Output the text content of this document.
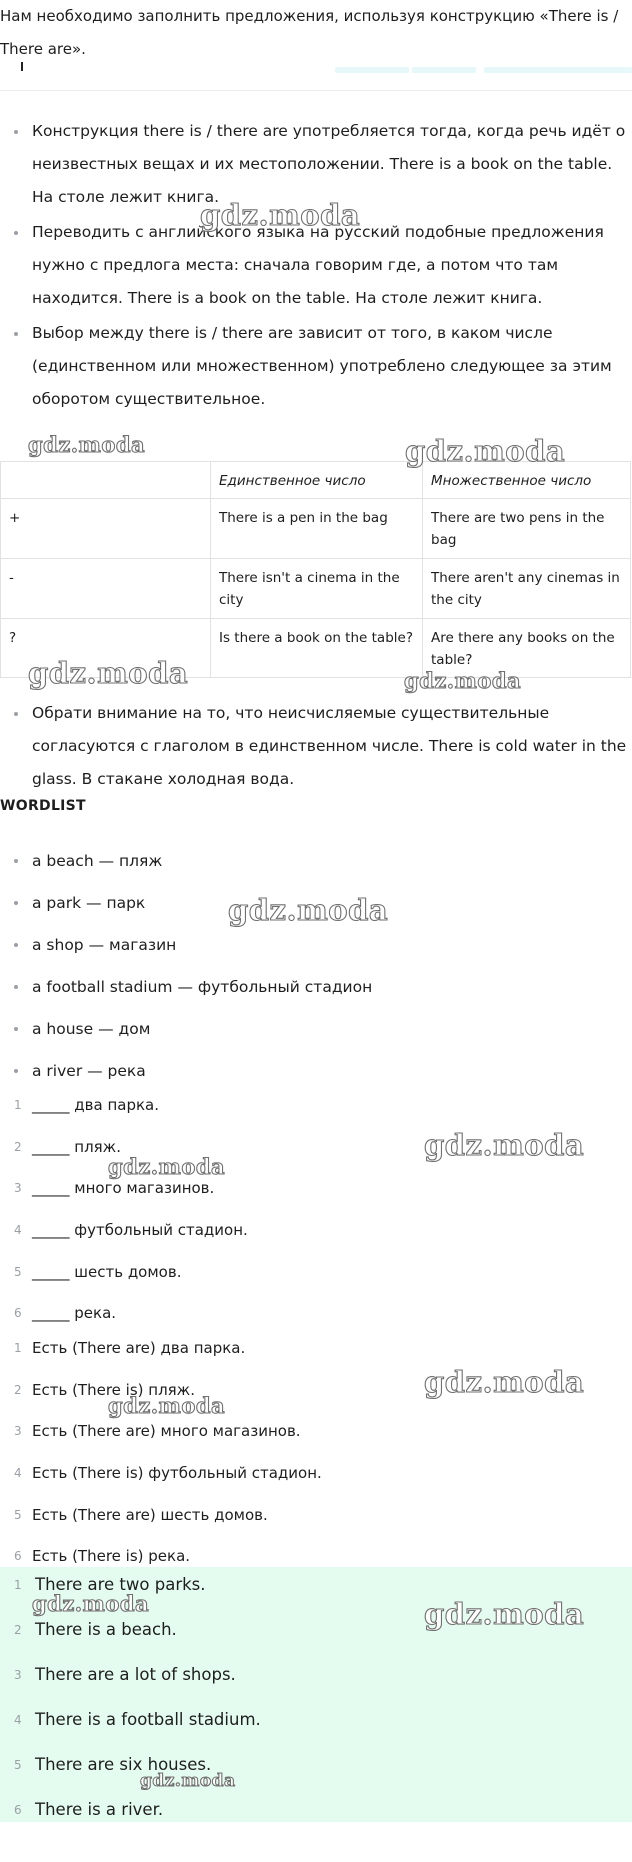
Нам необходимо заполнить предложения, используя конструкцию «There is / There are».
Конструкция there is / there are употребляется тогда, когда речь идёт о неизвестных вещах и их местоположении. There is a book on the table. На столе лежит книга.
Переводить с английского языка на русский подобные предложения нужно с предлога места: сначала говорим где, а потом что там находится. There is a book on the table. На столе лежит книга.
Выбор между there is / there are зависит от того, в каком числе (единственном или множественном) употреблено следующее за этим оборотом существительное.
	Единственное число	Множественное число
+	There is a pen in the bag	There are two pens in the bag
-	There isn't a cinema in the city	There aren't any cinemas in the city
?	Is there a book on the table?	Are there any books on the table?
Обрати внимание на то, что неисчисляемые существительные согласуются с глаголом в единственном числе. There is cold water in the glass. В стакане холодная вода.
WORDLIST
a beach — пляж
a park — парк
a shop — магазин
a football stadium — футбольный стадион
a house — дом
a river — река
1 _____ два парка.
2 _____ пляж.
3 _____ много магазинов.
4 _____ футбольный стадион.
5 _____ шесть домов.
6 _____ река.
1 Есть (There are) два парка.
2 Есть (There is) пляж.
3 Есть (There are) много магазинов.
4 Есть (There is) футбольный стадион.
5 Есть (There are) шесть домов.
6 Есть (There is) река.
1 There are two parks.
2 There is a beach.
3 There are a lot of shops.
4 There is a football stadium.
5 There are six houses.
6 There is a river.
gdz.moda
gdz.moda	gdz.moda
gdz.moda	gdz.moda
gdz.moda
gdz.moda
gdz.moda
gdz.moda
gdz.moda
gdz.moda	gdz.moda
gdz.moda
